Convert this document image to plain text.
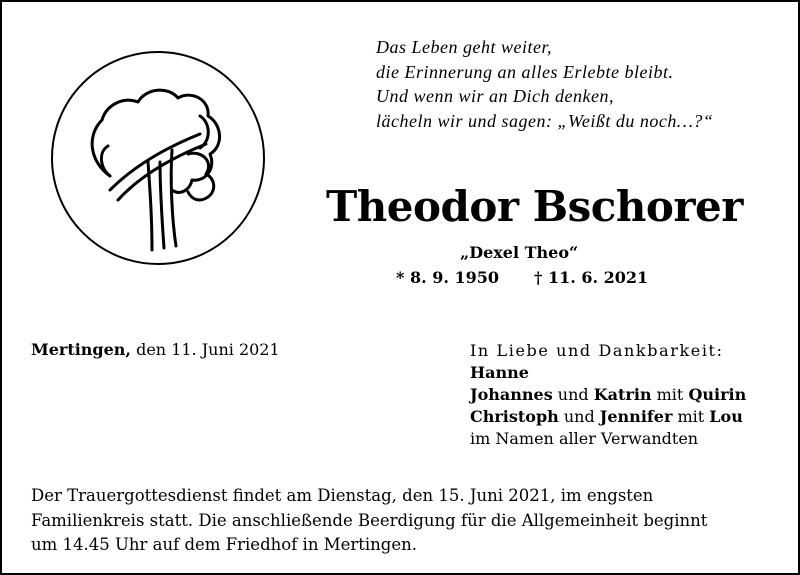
Das Leben geht weiter,
die Erinnerung an alles Erlebte bleibt.
Und wenn wir an Dich denken,
lächeln wir und sagen: „Weißt du noch…?“
Theodor Bschorer
„Dexel Theo“
* 8. 9. 1950 † 11. 6. 2021
Mertingen, den 11. Juni 2021	In Liebe und Dankbarkeit:
Hanne
Johannes und Katrin mit Quirin
Christoph und Jennifer mit Lou
im Namen aller Verwandten
Der Trauergottesdienst findet am Dienstag, den 15. Juni 2021, im engsten
Familienkreis statt. Die anschließende Beerdigung für die Allgemeinheit beginnt
um 14.45 Uhr auf dem Friedhof in Mertingen.
